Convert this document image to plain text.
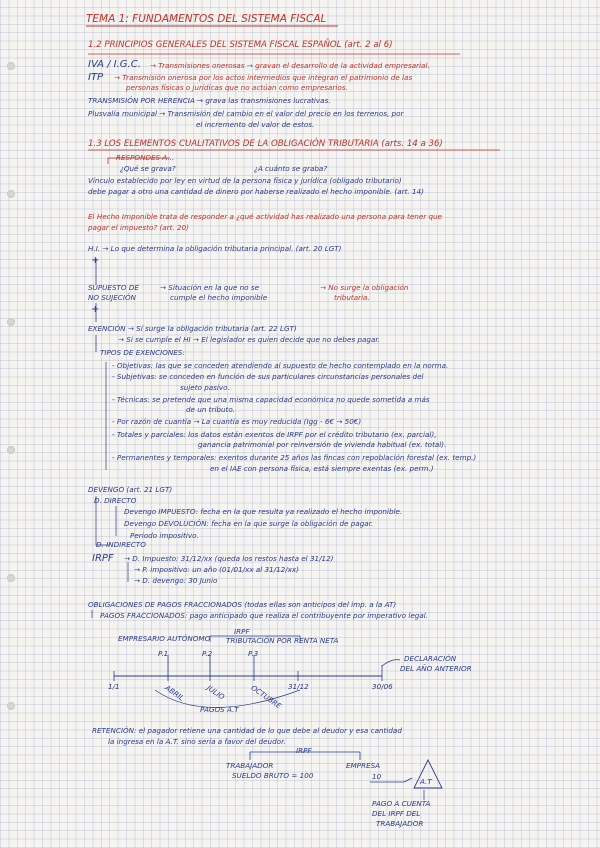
TEMA 1: FUNDAMENTOS DEL SISTEMA FISCAL
1.2 PRINCIPIOS GENERALES DEL SISTEMA FISCAL ESPAÑOL (art. 2 al 6)
IVA / I.G.C. → Transmisiones onerosas → gravan el desarrollo de la actividad empresarial.
ITP → Transmisión onerosa por los actos intermedios que integran el patrimonio de las
personas físicas o jurídicas que no actúan como empresarios.
TRANSMISIÓN POR HERENCIA → grava las transmisiones lucrativas.
Plusvalía municipal → Transmisión del cambio en el valor del precio en los terrenos, por
el incremento del valor de estos.
1.3 LOS ELEMENTOS CUALITATIVOS DE LA OBLIGACIÓN TRIBUTARIA (arts. 14 a 36)
RESPONDES A...
¿Qué se grava?	¿A cuánto se graba?
Vínculo establecido por ley en virtud de la persona física y jurídica (obligado tributario)
debe pagar a otro una cantidad de dinero por haberse realizado el hecho imponible. (art. 14)
El Hecho Imponible trata de responder a ¿qué actividad has realizado una persona para tener que
pagar el impuesto? (art. 20)
H.I. → Lo que determina la obligación tributaria principal. (art. 20 LGT)
+
SUPUESTO DE
NO SUJECIÓN
→ Situación en la que no se
cumple el hecho imponible
→ No surge la obligación
tributaria.
+
EXENCIÓN → Sí surge la obligación tributaria (art. 22 LGT)
→ Si se cumple el HI → El legislador es quien decide que no debes pagar.
TIPOS DE EXENCIONES:
- Objetivas: las que se conceden atendiendo al supuesto de hecho contemplado en la norma.
- Subjetivas: se conceden en función de sus particulares circunstancias personales del
sujeto pasivo.
- Técnicas: se pretende que una misma capacidad económica no quede sometida a más
de un tributo.
- Por razón de cuantía → La cuantía es muy reducida (Igg - 6€ → 50€)
- Totales y parciales: los datos están exentos de IRPF por el crédito tributario (ex. parcial),
ganancia patrimonial por reinversión de vivienda habitual (ex. total).
- Permanentes y temporales: exentos durante 25 años las fincas con repoblación forestal (ex. temp.)
en el IAE con persona física, está siempre exentas (ex. perm.)
DEVENGO (art. 21 LGT)
D. DIRECTO
Devengo IMPUESTO: fecha en la que resulta ya realizado el hecho imponible.
Devengo DEVOLUCIÓN: fecha en la que surge la obligación de pagar.
Periodo impositivo.
D. INDIRECTO
IRPF → D. Impuesto: 31/12/xx (queda los restos hasta el 31/12)
→ P. impositivo: un año (01/01/xx al 31/12/xx)
→ D. devengo: 30 Junio
OBLIGACIONES DE PAGOS FRACCIONADOS (todas ellas son anticipos del imp. a la AT)
PAGOS FRACCIONADOS: pago anticipado que realiza el contribuyente por imperativo legal.
EMPRESARIO AUTÓNOMO
IRPF
TRIBUTACIÓN POR RENTA NETA
P.1	P.2	P.3
1/1	ABRIL	JULIO	OCTUBRE 31/12	30/06
DECLARACIÓN
DEL AÑO ANTERIOR
PAGOS A.T
RETENCIÓN: el pagador retiene una cantidad de lo que debe al deudor y esa cantidad
la ingresa en la A.T. sino sería a favor del deudor.
IRPF
TRABAJADOR
SUELDO BRUTO = 100
EMPRESA
10
A.T
PAGO A CUENTA
DEL IRPF DEL
TRABAJADOR
